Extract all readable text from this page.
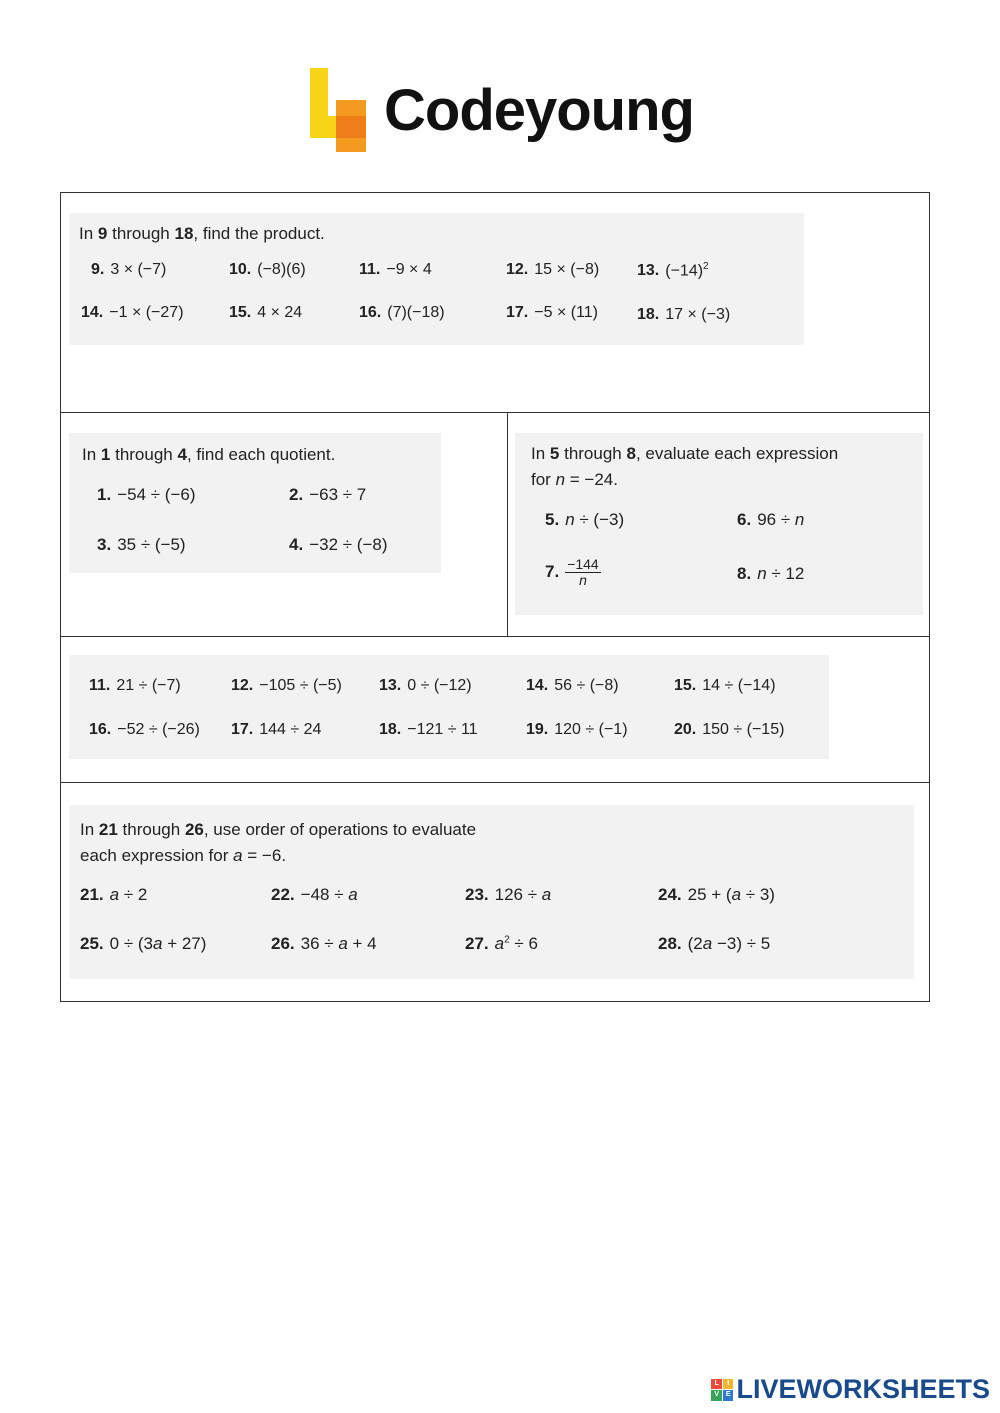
Codeyoung
In 9 through 18, find the product.
9. 3 × (−7)	10. (−8)(6)	11. −9 × 4	12. 15 × (−8) 13. $(-14)^2$
14. −1 × (−27)	15. 4 × 24	16. (7)(−18)	17. −5 × (11) 18. 17 × (−3)
In 1 through 4, find each quotient.
1. −54 ÷ (−6)	2. −63 ÷ 7
3. 35 ÷ (−5)	4. −32 ÷ (−8)
In 5 through 8, evaluate each expression
for n = −24.
5. n ÷ (−3)	6. 96 ÷ n
7. $\frac{-144}{n}$	8. n ÷ 12
11. 21 ÷ (−7)	12. −105 ÷ (−5) 13. 0 ÷ (−12)	14. 56 ÷ (−8)	15. 14 ÷ (−14)
16. −52 ÷ (−26) 17. 144 ÷ 24	18. −121 ÷ 11	19. 120 ÷ (−1)	20. 150 ÷ (−15)
In 21 through 26, use order of operations to evaluate
each expression for a = −6.
21. a ÷ 2	22. −48 ÷ a	23. 126 ÷ a	24. 25 + (a ÷ 3)
25. 0 ÷ (3a + 27)	26. 36 ÷ a + 4	27. $a^2 \div 6$	28. (2a −3) ÷ 5
L	I
V E LIVEWORKSHEETS
